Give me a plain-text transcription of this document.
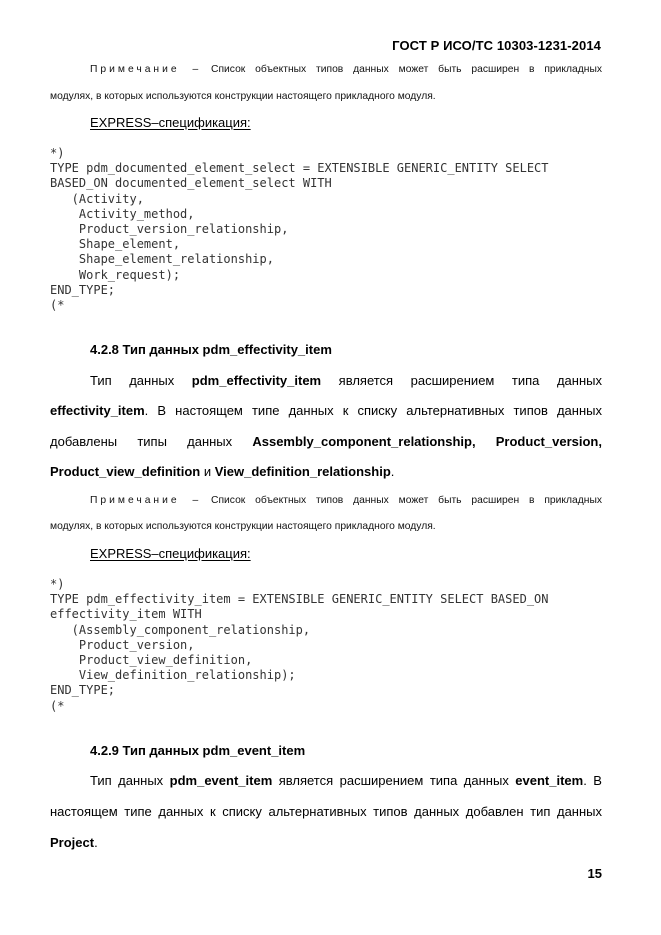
ГОСТ Р ИСО/ТС 10303-1231-2014
Примечание – Список объектных типов данных может быть расширен в прикладных
модулях, в которых используются конструкции настоящего прикладного модуля.
EXPRESS–спецификация:
*)
TYPE pdm_documented_element_select = EXTENSIBLE GENERIC_ENTITY SELECT
BASED_ON documented_element_select WITH
(Activity,
Activity_method,
Product_version_relationship,
Shape_element,
Shape_element_relationship,
Work_request);
END_TYPE;
(*
4.2.8 Тип данных pdm_effectivity_item
Тип данных pdm_effectivity_item является расширением типа данных
effectivity_item. В настоящем типе данных к списку альтернативных типов данных
добавлены типы данных Assembly_component_relationship, Product_version,
Product_view_definition и View_definition_relationship.
Примечание – Список объектных типов данных может быть расширен в прикладных
модулях, в которых используются конструкции настоящего прикладного модуля.
EXPRESS–спецификация:
*)
TYPE pdm_effectivity_item = EXTENSIBLE GENERIC_ENTITY SELECT BASED_ON
effectivity_item WITH
(Assembly_component_relationship,
Product_version,
Product_view_definition,
View_definition_relationship);
END_TYPE;
(*
4.2.9 Тип данных pdm_event_item
Тип данных pdm_event_item является расширением типа данных event_item. В
настоящем типе данных к списку альтернативных типов данных добавлен тип данных
Project.
15
